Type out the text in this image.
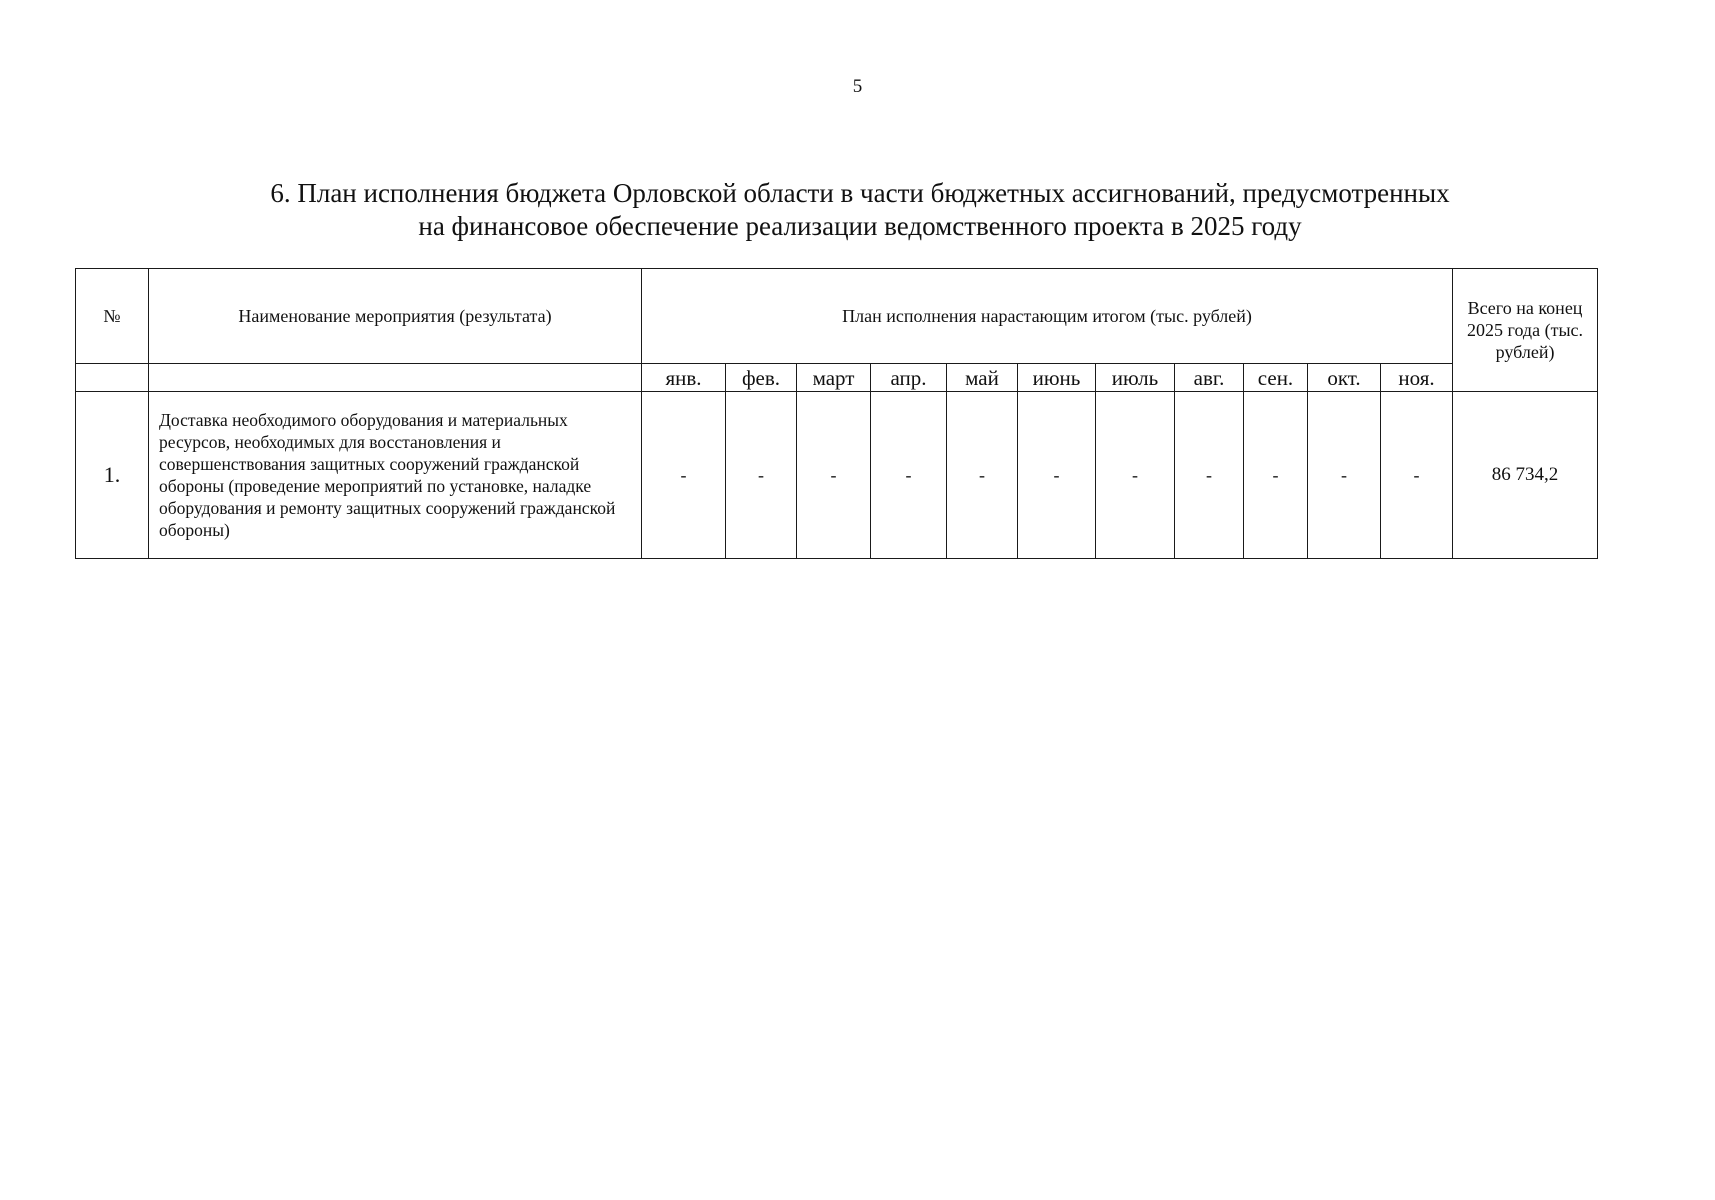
5
6. План исполнения бюджета Орловской области в части бюджетных ассигнований, предусмотренных
на финансовое обеспечение реализации ведомственного проекта в 2025 году
№	Наименование мероприятия (результата)	План исполнения нарастающим итогом (тыс. рублей)											Всего на конец 2025 года (тыс. рублей)
		янв.	фев.	март	апр.	май	июнь	июль	авг.	сен.	окт.	ноя.	
1.	Доставка необходимого оборудования и материальных ресурсов, необходимых для восстановления и совершенствования защитных сооружений гражданской обороны (проведение мероприятий по установке, наладке оборудования и ремонту защитных сооружений гражданской обороны)	-	-	-	-	-	-	-	-	-	-	-	86 734,2
